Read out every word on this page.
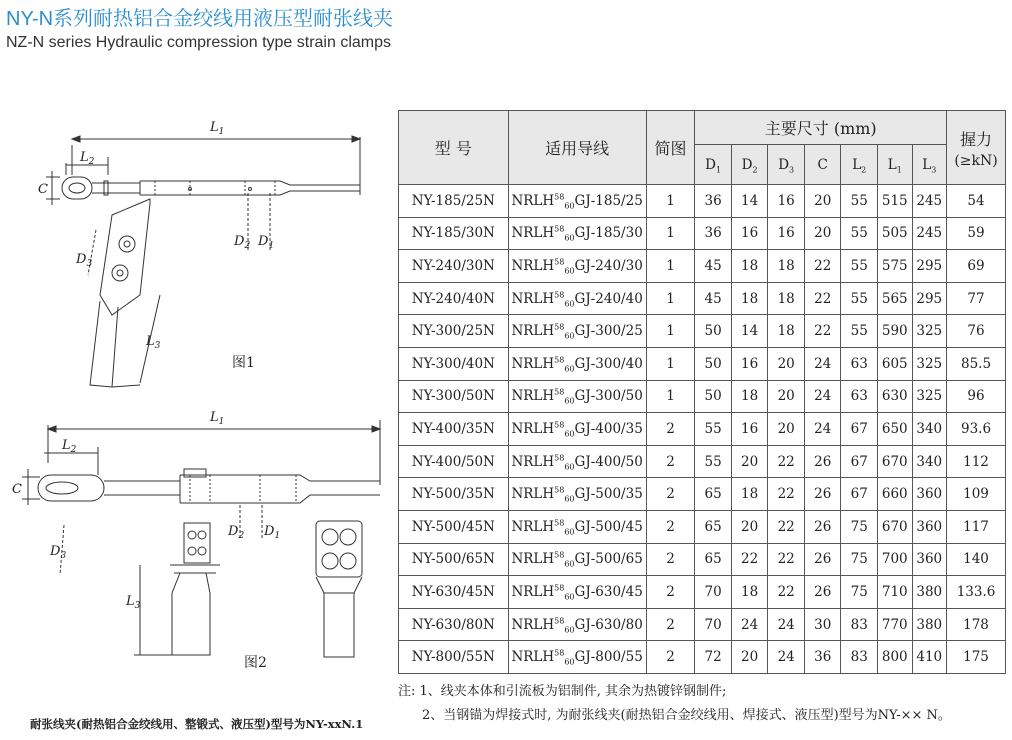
NY-N系列耐热铝合金绞线用液压型耐张线夹
NZ-N series Hydraulic compression type strain clamps
$L_1$
$L_2$
C
$D_3$
$D_2$ $D_1$
$L_3$
$L_1$
$L_2$
C
$D_3$
$D_2$ $D_1$
$L_3$
图1
图2
型 号	适用导线	简图	主要尺寸 (mm)							握力
(≥kN)
			$D_1$	$D_2$	$D_3$	C	$L_2$	$L_1$	$L_3$
NY-185/25N	$NRLH^{58}_{60}GJ-185/25$	1	36	14	16	20	55	515	245	54
NY-185/30N	$NRLH^{58}_{60}GJ-185/30$	1	36	16	16	20	55	505	245	59
NY-240/30N	$NRLH^{58}_{60}GJ-240/30$	1	45	18	18	22	55	575	295	69
NY-240/40N	$NRLH^{58}_{60}GJ-240/40$	1	45	18	18	22	55	565	295	77
NY-300/25N	$NRLH^{58}_{60}GJ-300/25$	1	50	14	18	22	55	590	325	76
NY-300/40N	$NRLH^{58}_{60}GJ-300/40$	1	50	16	20	24	63	605	325	85.5
NY-300/50N	$NRLH^{58}_{60}GJ-300/50$	1	50	18	20	24	63	630	325	96
NY-400/35N	$NRLH^{58}_{60}GJ-400/35$	2	55	16	20	24	67	650	340	93.6
NY-400/50N	$NRLH^{58}_{60}GJ-400/50$	2	55	20	22	26	67	670	340	112
NY-500/35N	$NRLH^{58}_{60}GJ-500/35$	2	65	18	22	26	67	660	360	109
NY-500/45N	$NRLH^{58}_{60}GJ-500/45$	2	65	20	22	26	75	670	360	117
NY-500/65N	$NRLH^{58}_{60}GJ-500/65$	2	65	22	22	26	75	700	360	140
NY-630/45N	$NRLH^{58}_{60}GJ-630/45$	2	70	18	22	26	75	710	380	133.6
NY-630/80N	$NRLH^{58}_{60}GJ-630/80$	2	70	24	24	30	83	770	380	178
NY-800/55N	$NRLH^{58}_{60}GJ-800/55$	2	72	20	24	36	83	800	410	175
注: 1、线夹本体和引流板为铝制件, 其余为热镀锌钢制件;
2、当钢锚为焊接式时, 为耐张线夹(耐热铝合金绞线用、焊接式、液压型)型号为NY-×× N。
耐张线夹(耐热铝合金绞线用、整锻式、液压型)型号为NY-xxN.1
